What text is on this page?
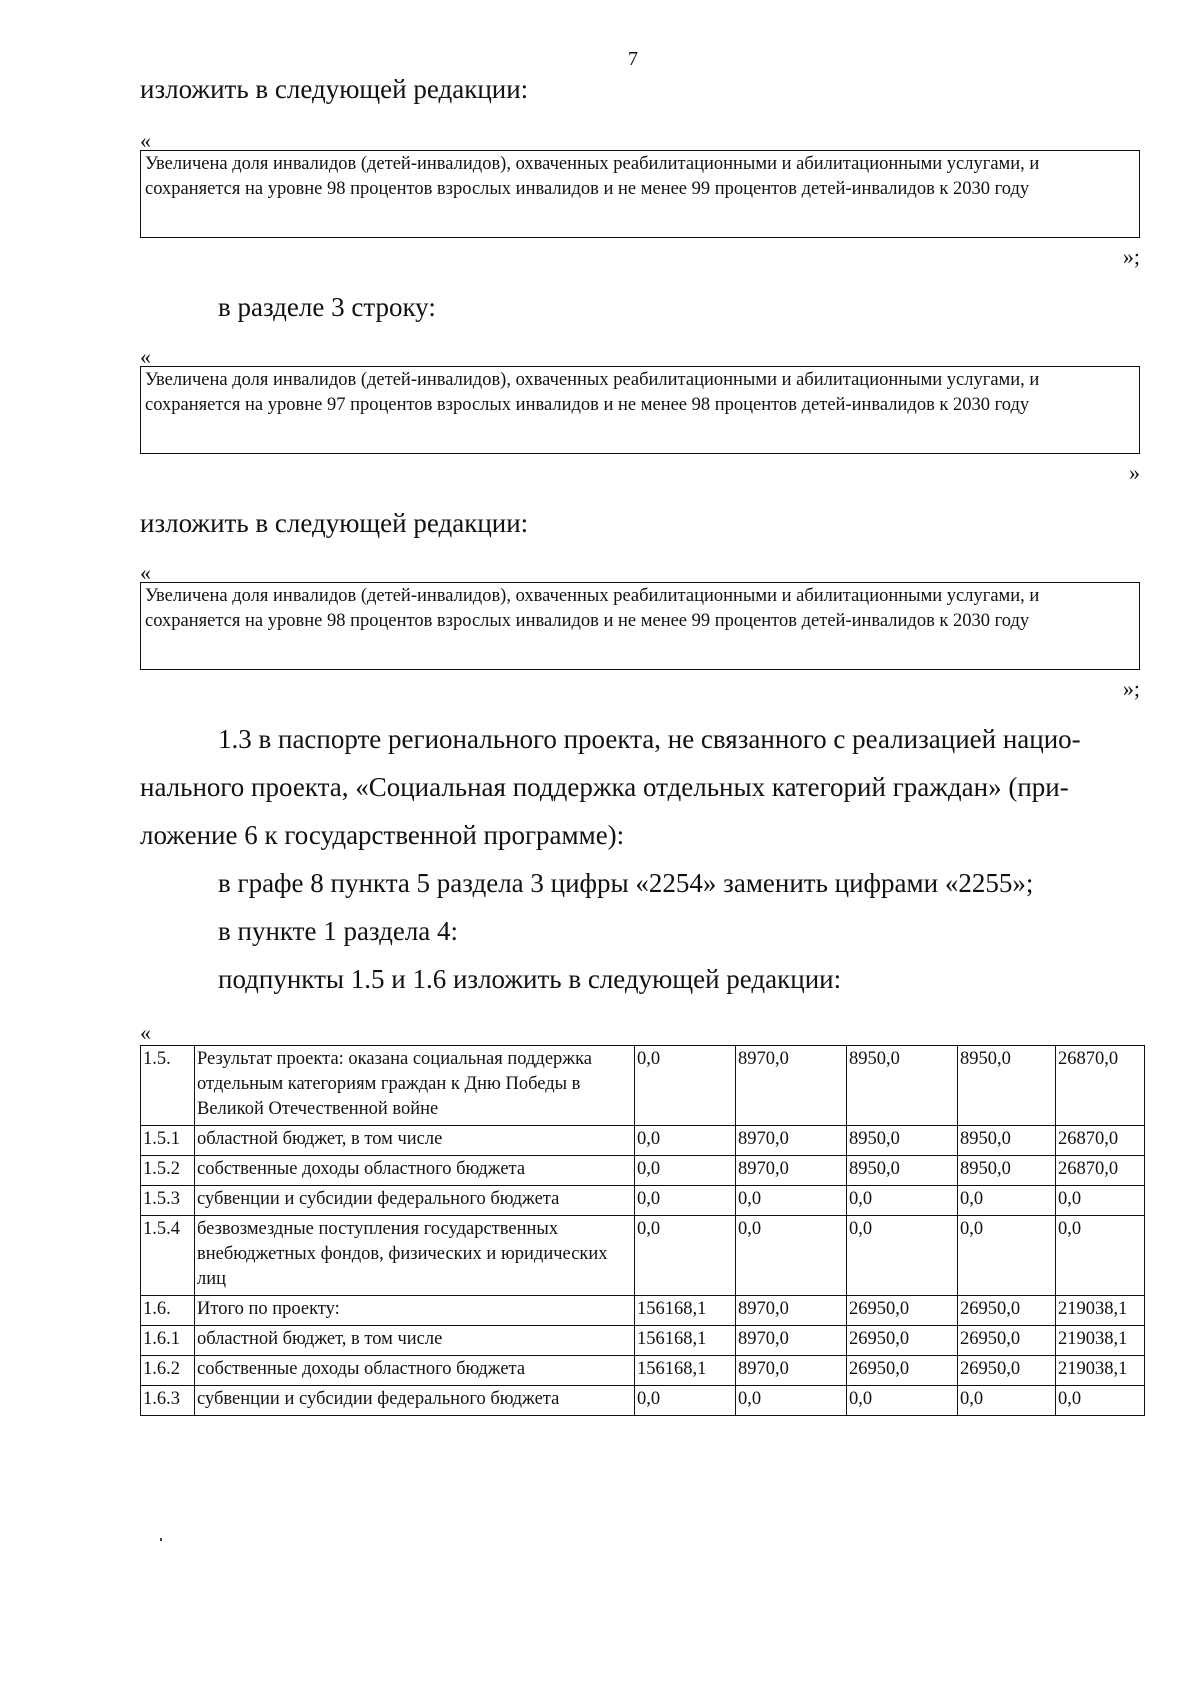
7
изложить в следующей редакции:
«
Увеличена доля инвалидов (детей-инвалидов), охваченных реабилитационными и абилитационными услугами, и сохраняется на уровне 98 процентов взрослых инвалидов и не менее 99 процентов детей-инвалидов к 2030 году
»;
в разделе 3 строку:
«
Увеличена доля инвалидов (детей-инвалидов), охваченных реабилитационными и абилитационными услугами, и сохраняется на уровне 97 процентов взрослых инвалидов и не менее 98 процентов детей-инвалидов к 2030 году
»
изложить в следующей редакции:
«
Увеличена доля инвалидов (детей-инвалидов), охваченных реабилитационными и абилитационными услугами, и сохраняется на уровне 98 процентов взрослых инвалидов и не менее 99 процентов детей-инвалидов к 2030 году
»;
1.3 в паспорте регионального проекта, не связанного с реализацией нацио-
нального проекта, «Социальная поддержка отдельных категорий граждан» (при-
ложение 6 к государственной программе):
в графе 8 пункта 5 раздела 3 цифры «2254» заменить цифрами «2255»;
в пункте 1 раздела 4:
подпункты 1.5 и 1.6 изложить в следующей редакции:
«
1.5.	Результат проекта: оказана социальная поддержка отдельным категориям граждан к Дню Победы в Великой Отечественной войне	0,0	8970,0	8950,0	8950,0	26870,0
1.5.1	областной бюджет, в том числе	0,0	8970,0	8950,0	8950,0	26870,0
1.5.2	собственные доходы областного бюджета	0,0	8970,0	8950,0	8950,0	26870,0
1.5.3	субвенции и субсидии федерального бюджета	0,0	0,0	0,0	0,0	0,0
1.5.4	безвозмездные поступления государственных внебюджетных фондов, физических и юридических лиц	0,0	0,0	0,0	0,0	0,0
1.6.	Итого по проекту:	156168,1	8970,0	26950,0	26950,0	219038,1
1.6.1	областной бюджет, в том числе	156168,1	8970,0	26950,0	26950,0	219038,1
1.6.2	собственные доходы областного бюджета	156168,1	8970,0	26950,0	26950,0	219038,1
1.6.3	субвенции и субсидии федерального бюджета	0,0	0,0	0,0	0,0	0,0
